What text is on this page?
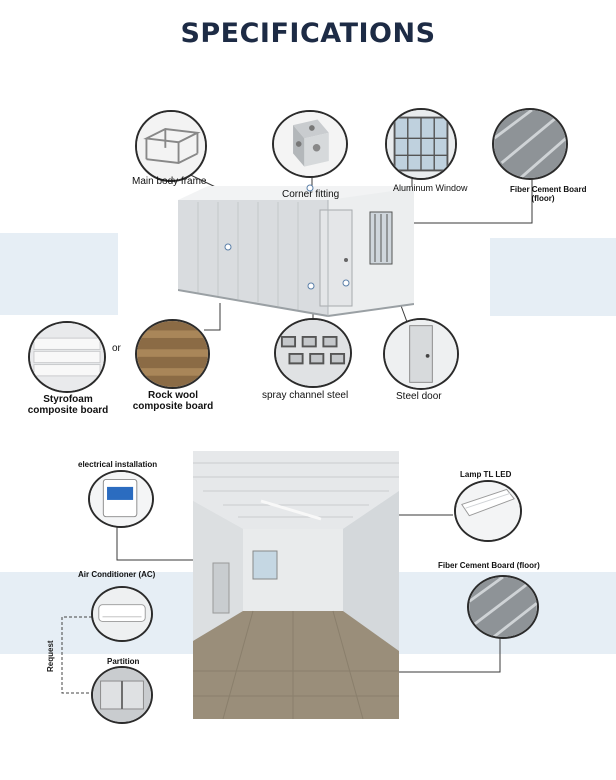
SPECIFICATIONS
Main body frame
Corner fitting
Aluminum Window	Fiber Cement Board
(floor)
Styrofoam
composite board
or
Rock wool
composite board
spray channel steel	Steel door
electrical installation
Air Conditioner (AC)
Partition
Request
Lamp TL LED
Fiber Cement Board (floor)
